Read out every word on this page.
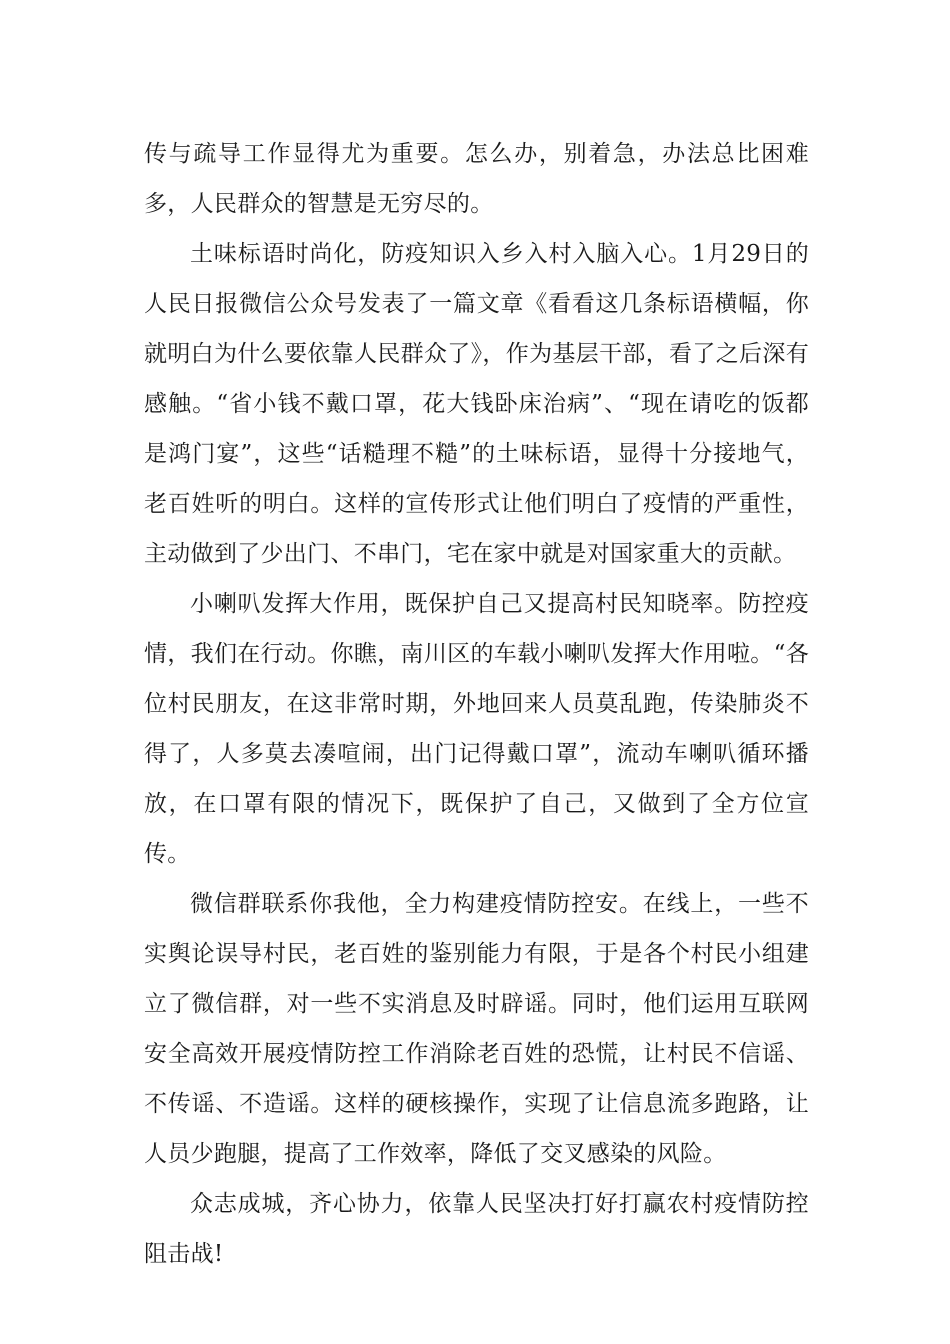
传与疏导工作显得尤为重要。怎么办，别着急，办法总比困难多，人民群众的智慧是无穷尽的。

土味标语时尚化，防疫知识入乡入村入脑入心。1月29日的人民日报微信公众号发表了一篇文章《看看这几条标语横幅，你就明白为什么要依靠人民群众了》，作为基层干部，看了之后深有感触。“省小钱不戴口罩，花大钱卧床治病”、“现在请吃的饭都是鸿门宴”，这些“话糙理不糙”的土味标语，显得十分接地气，老百姓听的明白。这样的宣传形式让他们明白了疫情的严重性，主动做到了少出门、不串门，宅在家中就是对国家重大的贡献。

小喇叭发挥大作用，既保护自己又提高村民知晓率。防控疫情，我们在行动。你瞧，南川区的车载小喇叭发挥大作用啦。“各位村民朋友，在这非常时期，外地回来人员莫乱跑，传染肺炎不得了，人多莫去凑喧闹，出门记得戴口罩”，流动车喇叭循环播放，在口罩有限的情况下，既保护了自己，又做到了全方位宣传。

微信群联系你我他，全力构建疫情防控安。在线上，一些不实舆论误导村民，老百姓的鉴别能力有限，于是各个村民小组建立了微信群，对一些不实消息及时辟谣。同时，他们运用互联网安全高效开展疫情防控工作消除老百姓的恐慌，让村民不信谣、不传谣、不造谣。这样的硬核操作，实现了让信息流多跑路，让人员少跑腿，提高了工作效率，降低了交叉感染的风险。

众志成城，齐心协力，依靠人民坚决打好打赢农村疫情防控阻击战!
